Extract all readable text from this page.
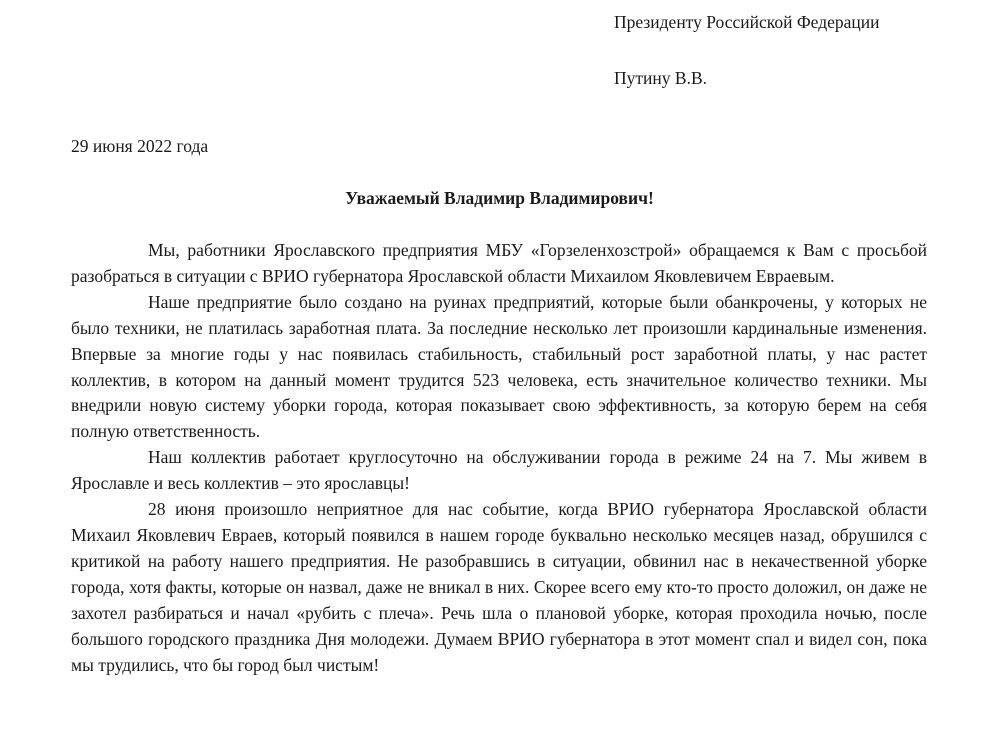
Президенту Российской Федерации
Путину В.В.
29 июня 2022 года
Уважаемый Владимир Владимирович!

Мы, работники Ярославского предприятия МБУ «Горзеленхозстрой» обращаемся к Вам с просьбой разобраться в ситуации с ВРИО губернатора Ярославской области Михаилом Яковлевичем Евраевым.

Наше предприятие было создано на руинах предприятий, которые были обанкрочены, у которых не было техники, не платилась заработная плата. За последние несколько лет произошли кардинальные изменения. Впервые за многие годы у нас появилась стабильность, стабильный рост заработной платы, у нас растет коллектив, в котором на данный момент трудится 523 человека, есть значительное количество техники. Мы внедрили новую систему уборки города, которая показывает свою эффективность, за которую берем на себя полную ответственность.

Наш коллектив работает круглосуточно на обслуживании города в режиме 24 на 7. Мы живем в Ярославле и весь коллектив – это ярославцы!

28 июня произошло неприятное для нас событие, когда ВРИО губернатора Ярославской области Михаил Яковлевич Евраев, который появился в нашем городе буквально несколько месяцев назад, обрушился с критикой на работу нашего предприятия. Не разобравшись в ситуации, обвинил нас в некачественной уборке города, хотя факты, которые он назвал, даже не вникал в них. Скорее всего ему кто-то просто доложил, он даже не захотел разбираться и начал «рубить с плеча». Речь шла о плановой уборке, которая проходила ночью, после большого городского праздника Дня молодежи. Думаем ВРИО губернатора в этот момент спал и видел сон, пока мы трудились, что бы город был чистым!
